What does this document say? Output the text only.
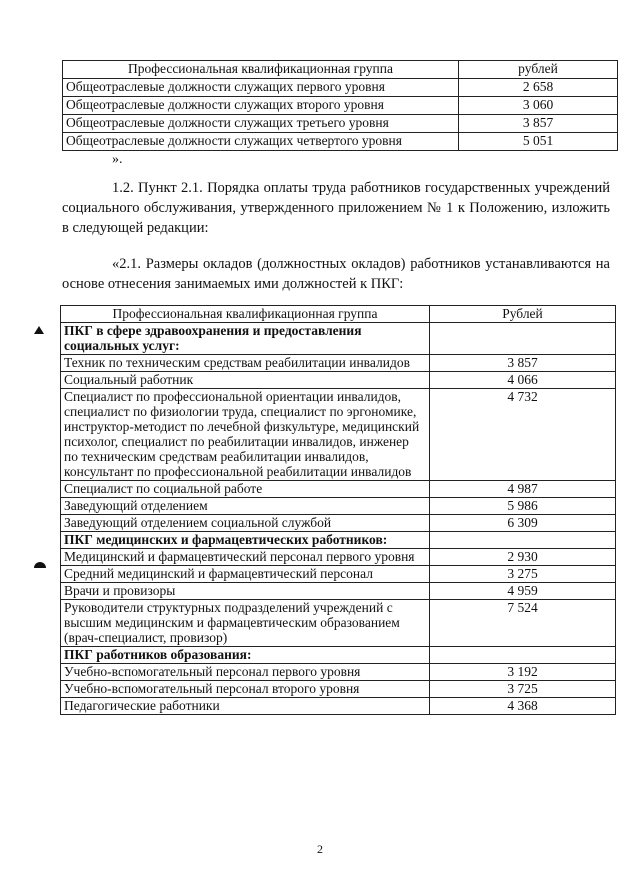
Профессиональная квалификационная группа	рублей
Общеотраслевые должности служащих первого уровня	2 658
Общеотраслевые должности служащих второго уровня	3 060
Общеотраслевые должности служащих третьего уровня	3 857
Общеотраслевые должности служащих четвертого уровня	5 051
».
1.2. Пункт 2.1. Порядка оплаты труда работников государственных учреждений социального обслуживания, утвержденного приложением № 1 к Положению, изложить в следующей редакции:
«2.1. Размеры окладов (должностных окладов) работников устанавливаются на основе отнесения занимаемых ими должностей к ПКГ:
Профессиональная квалификационная группа	Рублей
ПКГ в сфере здравоохранения и предоставления социальных услуг:	
Техник по техническим средствам реабилитации инвалидов	3 857
Социальный работник	4 066
Специалист по профессиональной ориентации инвалидов, специалист по физиологии труда, специалист по эргономике, инструктор-методист по лечебной физкультуре, медицинский психолог, специалист по реабилитации инвалидов, инженер по техническим средствам реабилитации инвалидов, консультант по профессиональной реабилитации инвалидов	4 732
Специалист по социальной работе	4 987
Заведующий отделением	5 986
Заведующий отделением социальной службой	6 309
ПКГ медицинских и фармацевтических работников:	
Медицинский и фармацевтический персонал первого уровня	2 930
Средний медицинский и фармацевтический персонал	3 275
Врачи и провизоры	4 959
Руководители структурных подразделений учреждений с высшим медицинским и фармацевтическим образованием (врач-специалист, провизор)	7 524
ПКГ работников образования:	
Учебно-вспомогательный персонал первого уровня	3 192
Учебно-вспомогательный персонал второго уровня	3 725
Педагогические работники	4 368
2
